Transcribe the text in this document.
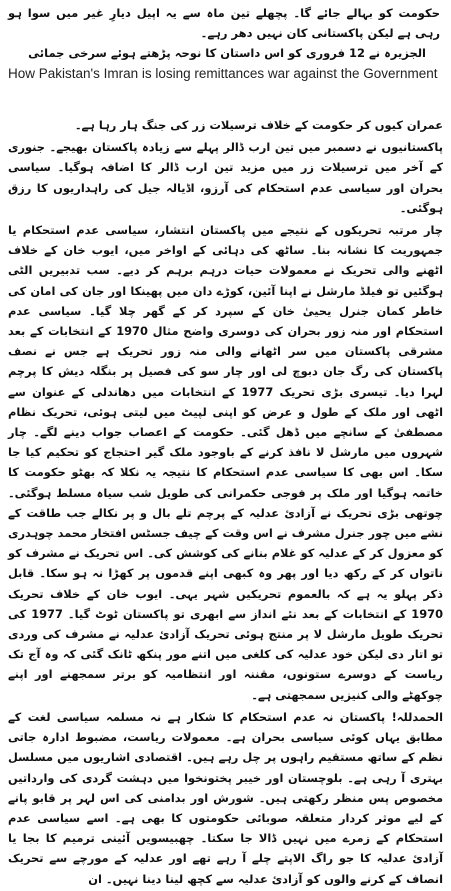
حکومت کو بہالے جائے گا۔ پچھلے تین ماہ سے یہ اپیل دیارِ غیر میں سوا ہو رہی ہے لیکن پاکستانی کان نہیں دھر رہے۔

الجزیرہ نے 12 فروری کو اس داستان کا نوحہ پڑھتے ہوئے سرخی جمائی

How Pakistan's Imran is losing remittances war against the Government

عمران کیوں کر حکومت کے خلاف ترسیلات زر کی جنگ ہار رہا ہے۔

پاکستانیوں نے دسمبر میں تین ارب ڈالر پہلے سے زیادہ پاکستان بھیجے۔ جنوری کے آخر میں ترسیلات زر میں مزید تین ارب ڈالر کا اضافہ ہوگیا۔ سیاسی بحران اور سیاسی عدم استحکام کی آرزو، اڈیالہ جیل کی راہداریوں کا رزق ہوگئی۔

چار مرتبہ تحریکوں کے نتیجے میں پاکستان انتشار، سیاسی عدم استحکام یا جمہوریت کا نشانہ بنا۔ ساٹھ کی دہائی کے اواخر میں، ایوب خان کے خلاف اٹھنے والی تحریک نے معمولات حیات درہم برہم کر دیے۔ سب تدبیریں الٹی ہوگئیں تو فیلڈ مارشل نے اپنا آئین، کوڑے دان میں پھینکا اور جان کی امان کی خاطر کمان جنرل یحییٰ خان کے سپرد کر کے گھر چلا گیا۔ سیاسی عدم استحکام اور منہ زور بحران کی دوسری واضح مثال 1970 کے انتخابات کے بعد مشرقی پاکستان میں سر اٹھانے والی منہ زور تحریک ہے جس نے نصف پاکستان کی رگ جان دبوچ لی اور چار سو کی فصیل پر بنگلہ دیش کا پرچم لہرا دیا۔ تیسری بڑی تحریک 1977 کے انتخابات میں دھاندلی کے عنوان سے اٹھی اور ملک کے طول و عرض کو اپنی لپیٹ میں لیتی ہوئی، تحریک نظام مصطفیٰ کے سانچے میں ڈھل گئی۔ حکومت کے اعصاب جواب دینے لگے۔ چار شہروں میں مارشل لا نافذ کرنے کے باوجود ملک گیر احتجاج کو تحکیم کیا جا سکا۔ اس بھی کا سیاسی عدم استحکام کا نتیجہ یہ نکلا کہ بھٹو حکومت کا خاتمہ ہوگیا اور ملک پر فوجی حکمرانی کی طویل شب سیاہ مسلط ہوگئی۔ چوتھی بڑی تحریک نے آزادئ عدلیہ کے پرچم تلے بال و پر نکالے جب طاقت کے نشے میں چور جنرل مشرف نے اس وقت کے چیف جسٹس افتخار محمد چوہدری کو معزول کر کے عدلیہ کو غلام بنانے کی کوشش کی۔ اس تحریک نے مشرف کو ناتواں کر کے رکھ دیا اور پھر وہ کبھی اپنے قدموں پر کھڑا نہ ہو سکا۔ قابل ذکر پہلو یہ ہے کہ بالعموم تحریکیں شہر یہی۔ ایوب خان کے خلاف تحریک 1970 کے انتخابات کے بعد نئے انداز سے ابھری تو پاکستان ٹوٹ گیا۔ 1977 کی تحریک طویل مارشل لا پر منتج ہوئی تحریک آزادئ عدلیہ نے مشرف کی وردی تو اتار دی لیکن خود عدلیہ کی کلغی میں اتنے مور پنکھ ٹانک گئی کہ وہ آج تک ریاست کے دوسرے ستونوں، مقننہ اور انتظامیہ کو برتر سمجھنے اور اپنے چوکھٹے والی کنیزیں سمجھتی ہے۔

الحمدللہ! پاکستان نہ عدم استحکام کا شکار ہے نہ مسلمہ سیاسی لغت کے مطابق یہاں کوئی سیاسی بحران ہے۔ معمولات ریاست، مضبوط ادارہ جاتی نظم کے ساتھ مستقیم راہوں پر چل رہے ہیں۔ اقتصادی اشاریوں میں مسلسل بہتری آ رہی ہے۔ بلوچستان اور خیبر پختونخوا میں دہشت گردی کی وارداتیں مخصوص پس منظر رکھتی ہیں۔ شورش اور بدامنی کی اس لہر پر قابو پانے کے لیے موثر کردار متعلقہ صوبائی حکومتوں کا بھی ہے۔ اسے سیاسی عدم استحکام کے زمرے میں نہیں ڈالا جا سکتا۔ چھبیسویں آئینی ترمیم کا بجا یا آزادئ عدلیہ کا جو راگ الاپتے چلے آ رہے تھے اور عدلیہ کے مورچے سے تحریک انصاف کے کرنے والوں کو آزادئ عدلیہ سے کچھ لینا دینا نہیں۔ ان
